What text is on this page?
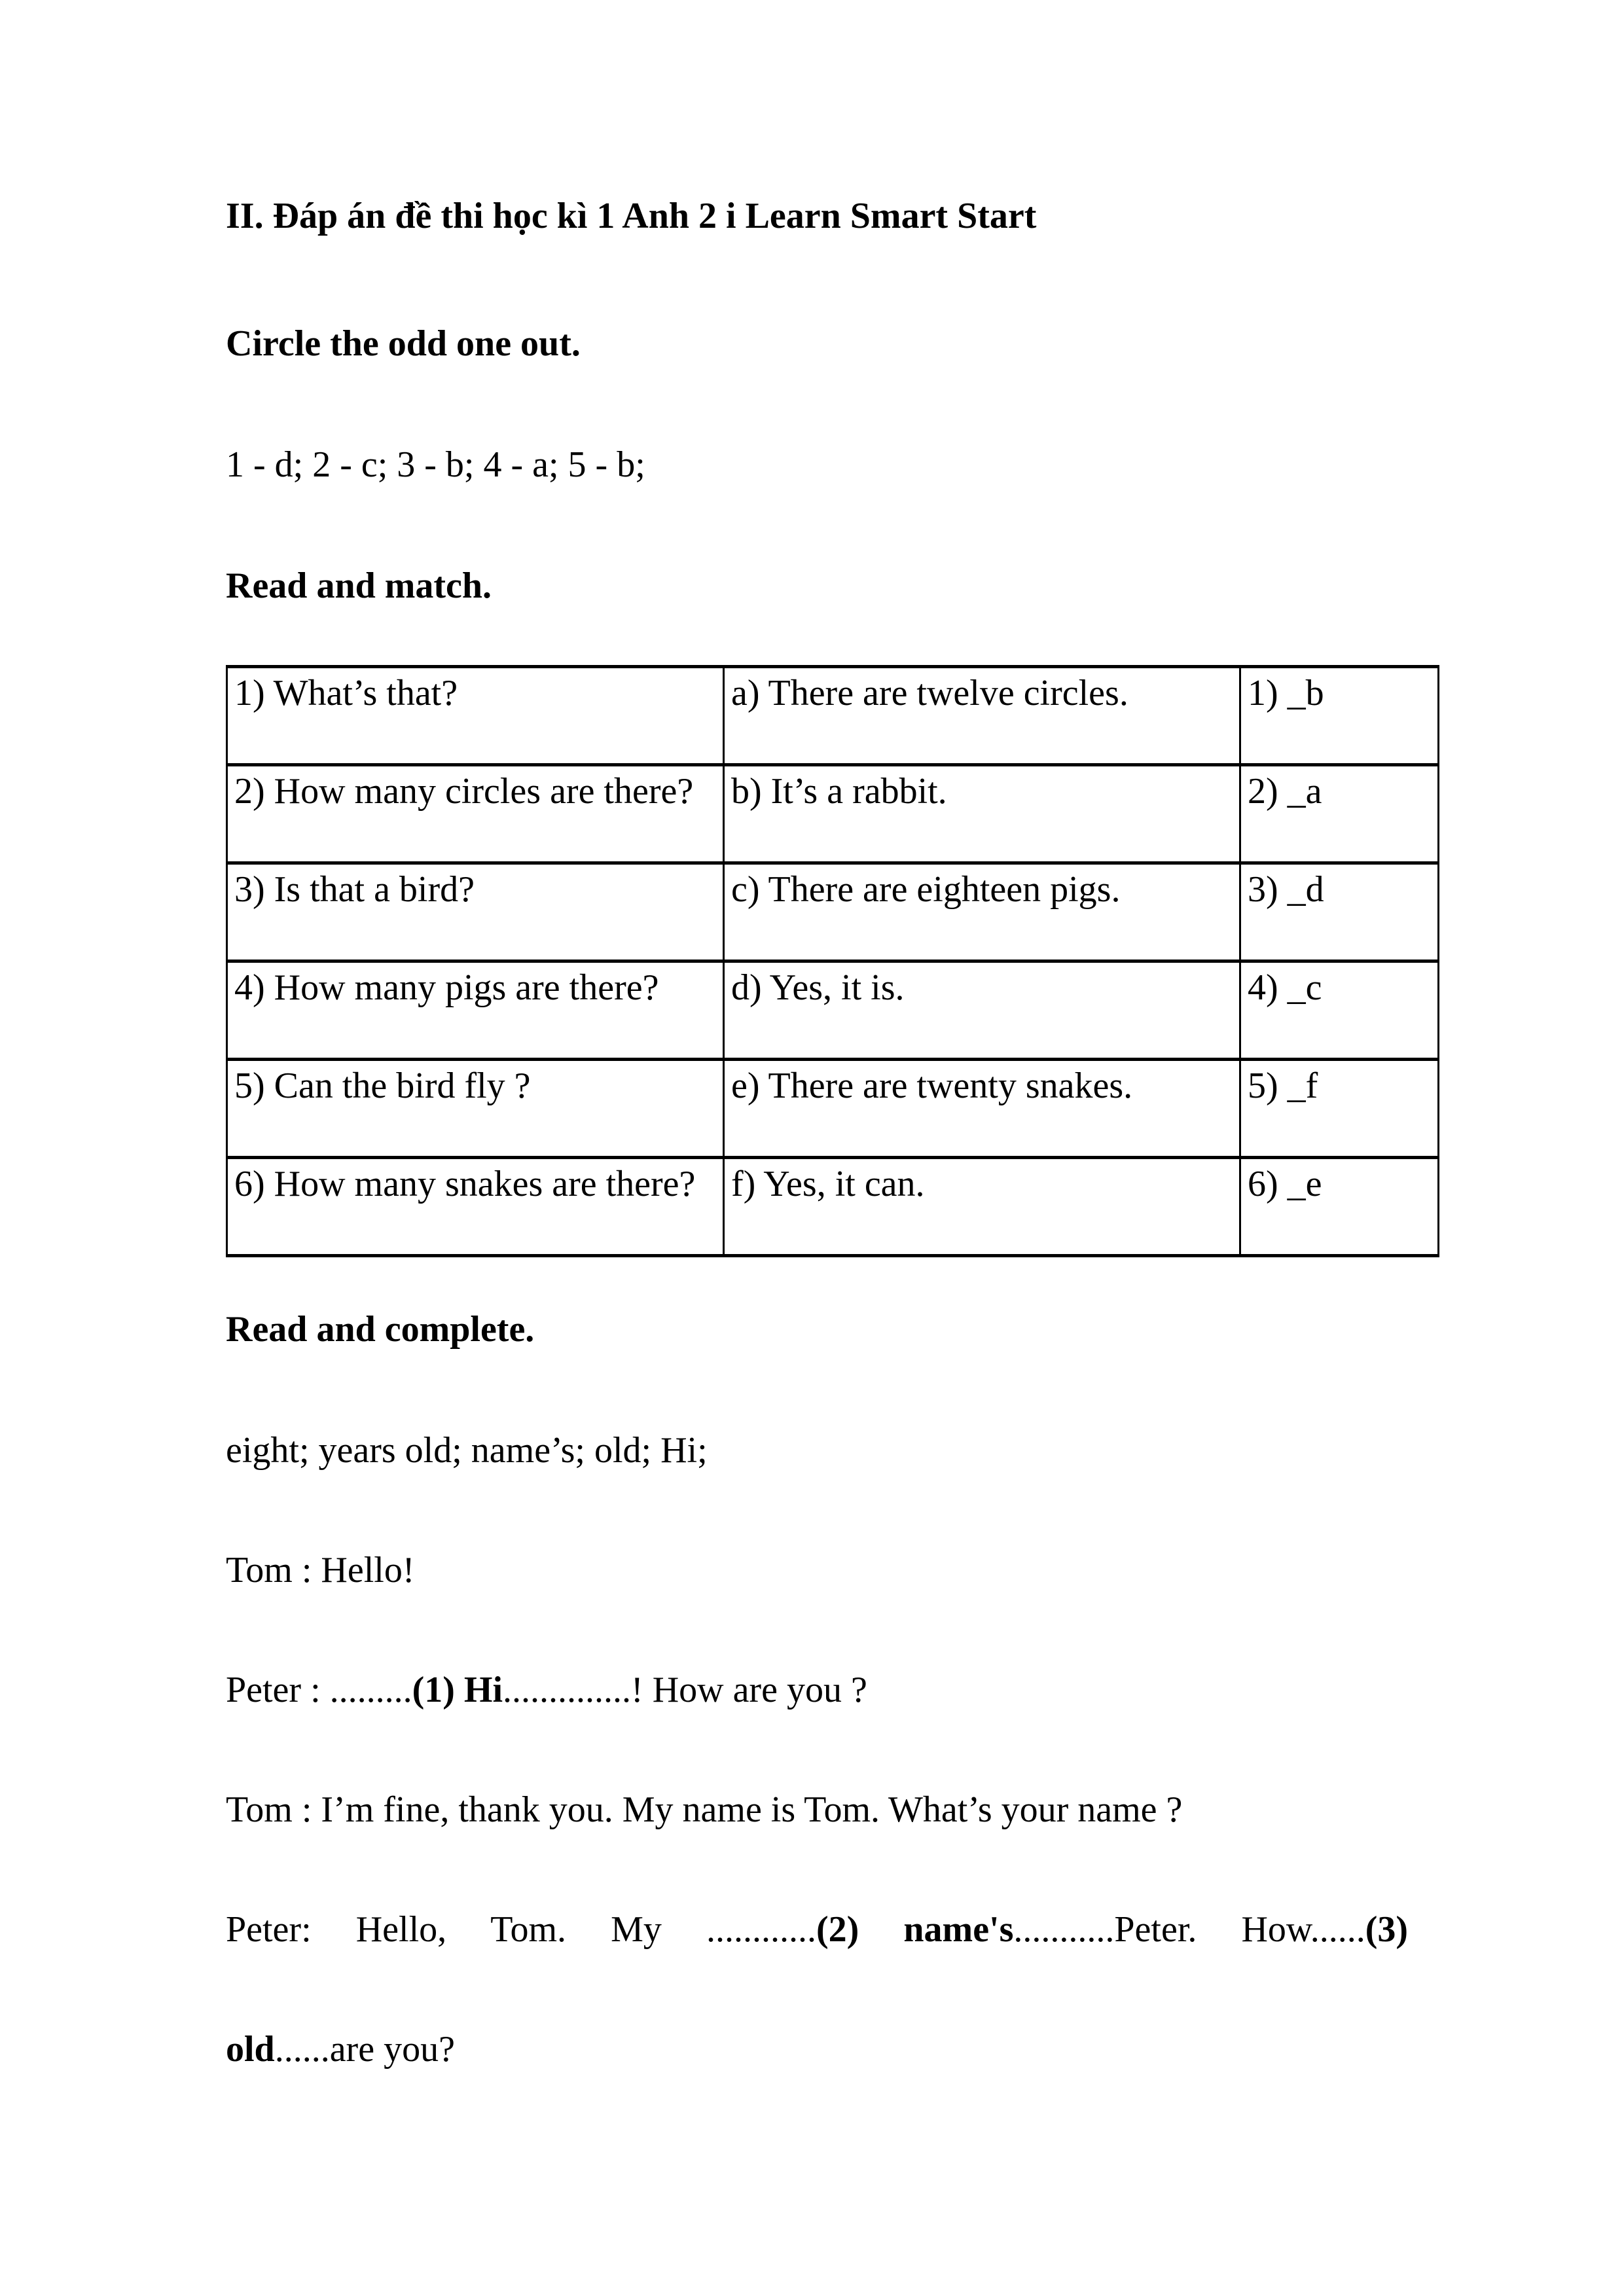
II. Đáp án đề thi học kì 1 Anh 2 i Learn Smart Start
Circle the odd one out.

1 - d; 2 - c; 3 - b; 4 - a; 5 - b;

Read and match.
1) What’s that?	a) There are twelve circles.	1) _b
2) How many circles are there?	b) It’s a rabbit.	2) _a
3) Is that a bird?	c) There are eighteen pigs.	3) _d
4) How many pigs are there?	d) Yes, it is.	4) _c
5) Can the bird fly ?	e) There are twenty snakes.	5) _f
6) How many snakes are there?	f) Yes, it can.	6) _e
Read and complete.

eight; years old; name’s; old; Hi;

Tom : Hello!

Peter : .........(1) Hi..............! How are you ?

Tom : I’m fine, thank you. My name is Tom. What’s your name ?

Peter: Hello, Tom. My ............(2) name's...........Peter. How......(3)

old......are you?
